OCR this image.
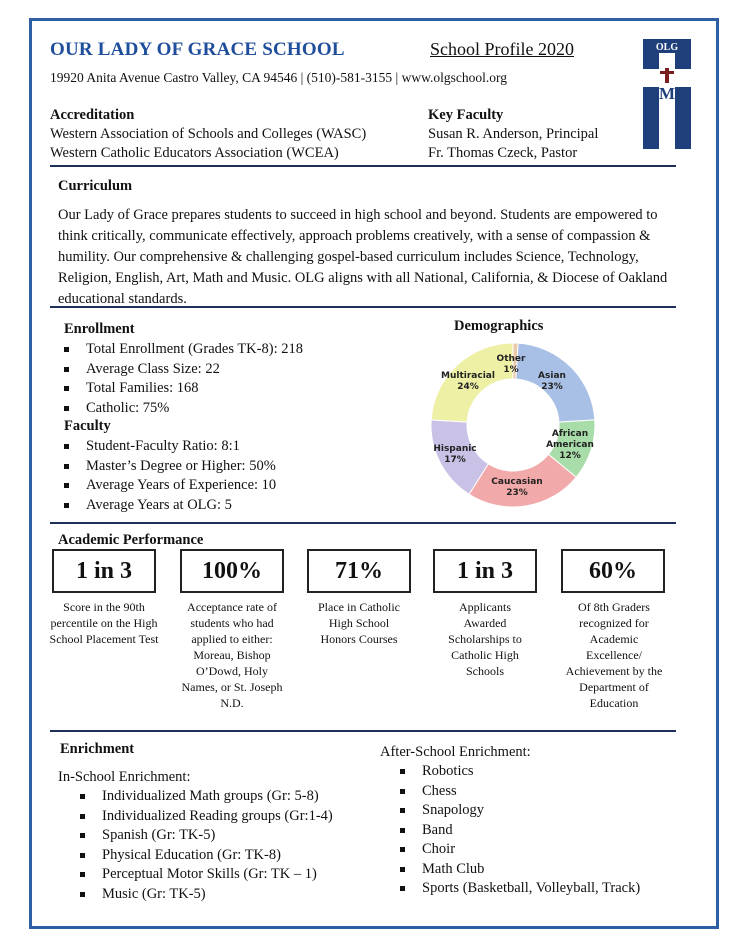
OUR LADY OF GRACE SCHOOL	School Profile 2020
19920 Anita Avenue Castro Valley, CA 94546 | (510)-581-3155 | www.olgschool.org
OLG
M
Unity
Truth
Live
Accreditation
Western Association of Schools and Colleges (WASC)
Western Catholic Educators Association (WCEA)
Key Faculty
Susan R. Anderson, Principal
Fr. Thomas Czeck, Pastor
Curriculum
Our Lady of Grace prepares students to succeed in high school and beyond. Students are empowered to think critically, communicate effectively, approach problems creatively, with a sense of compassion & humility. Our comprehensive & challenging gospel-based curriculum includes Science, Technology, Religion, English, Art, Math and Music. OLG aligns with all National, California, & Diocese of Oakland educational standards.
Enrollment
Total Enrollment (Grades TK-8): 218
Average Class Size: 22
Total Families: 168
Catholic: 75%
Faculty
Student-Faculty Ratio: 8:1
Master’s Degree or Higher: 50%
Average Years of Experience: 10
Average Years at OLG: 5
Demographics
Other
1%
Asian
23%
African American
12%
Caucasian
23%
Hispanic
17%
Multiracial
24%
Academic Performance
1 in 3	100%	71%	1 in 3	60%
Score in the 90th percentile on the High School Placement Test
Acceptance rate of students who had applied to either: Moreau, Bishop O’Dowd, Holy Names, or St. Joseph N.D.
Place in Catholic High School Honors Courses
Applicants Awarded Scholarships to Catholic High Schools
Of 8th Graders recognized for Academic Excellence/ Achievement by the Department of Education
Enrichment
In-School Enrichment:
Individualized Math groups (Gr: 5-8)
Individualized Reading groups (Gr:1-4)
Spanish (Gr: TK-5)
Physical Education (Gr: TK-8)
Perceptual Motor Skills (Gr: TK – 1)
Music (Gr: TK-5)
After-School Enrichment:
Robotics
Chess
Snapology
Band
Choir
Math Club
Sports (Basketball, Volleyball, Track)
